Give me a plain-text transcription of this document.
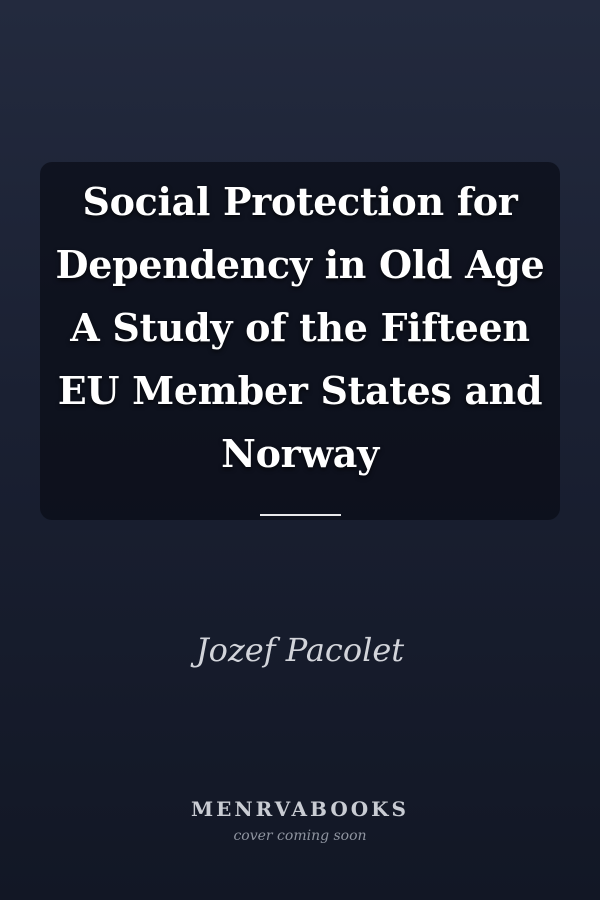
Social Protection for Dependency in Old Age A Study of the Fifteen EU Member States and Norway
Jozef Pacolet
MENRVABOOKS
cover coming soon
